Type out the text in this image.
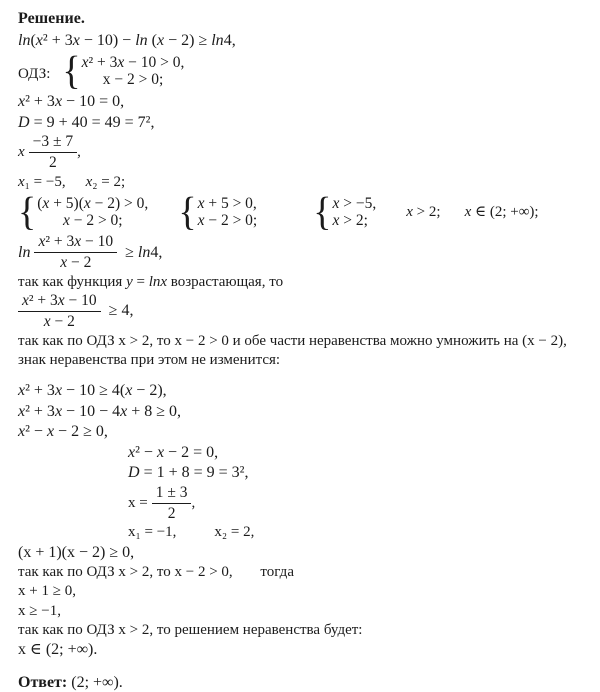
Решение.
ln(x² + 3x − 10) − ln (x − 2) ≥ ln4,
ОДЗ: { x² + 3x − 10 > 0,
x − 2 > 0;
x² + 3x − 10 = 0,
D = 9 + 40 = 49 = 7²,
x $\frac{-3 \pm 7}{2}$ ,
x₁ = −5, x₂ = 2;
{ (x + 5)(x − 2) > 0,
x − 2 > 0; { x + 5 > 0,
x − 2 > 0; { x > −5,
x > 2;
x > 2; x ∈ (2; +∞);
$\ln \frac{\text{x² + 3x − 10}}{x - 2} \ge \ln 4$,
так как функция y = lnx возрастающая, то
$\frac{\text{x² + 3x − 10}}{x - 2} \ge 4$,
так как по ОДЗ x > 2, то x − 2 > 0 и обе части неравенства можно умножить на (x − 2),
знак неравенства при этом не изменится:
x² + 3x − 10 ≥ 4(x − 2),
x² + 3x − 10 − 4x + 8 ≥ 0,
x² − x − 2 ≥ 0,
x² − x − 2 = 0,
D = 1 + 8 = 9 = 3²,
$x = \frac{1 \pm 3}{2}$ ,
x₁ = −1,	x₂ = 2,
(x + 1)(x − 2) ≥ 0,
так как по ОДЗ x > 2, то x − 2 > 0, тогда
x + 1 ≥ 0,
x ≥ −1,
так как по ОДЗ x > 2, то решением неравенства будет:
x ∈ (2; +∞).
Ответ: (2; +∞).
